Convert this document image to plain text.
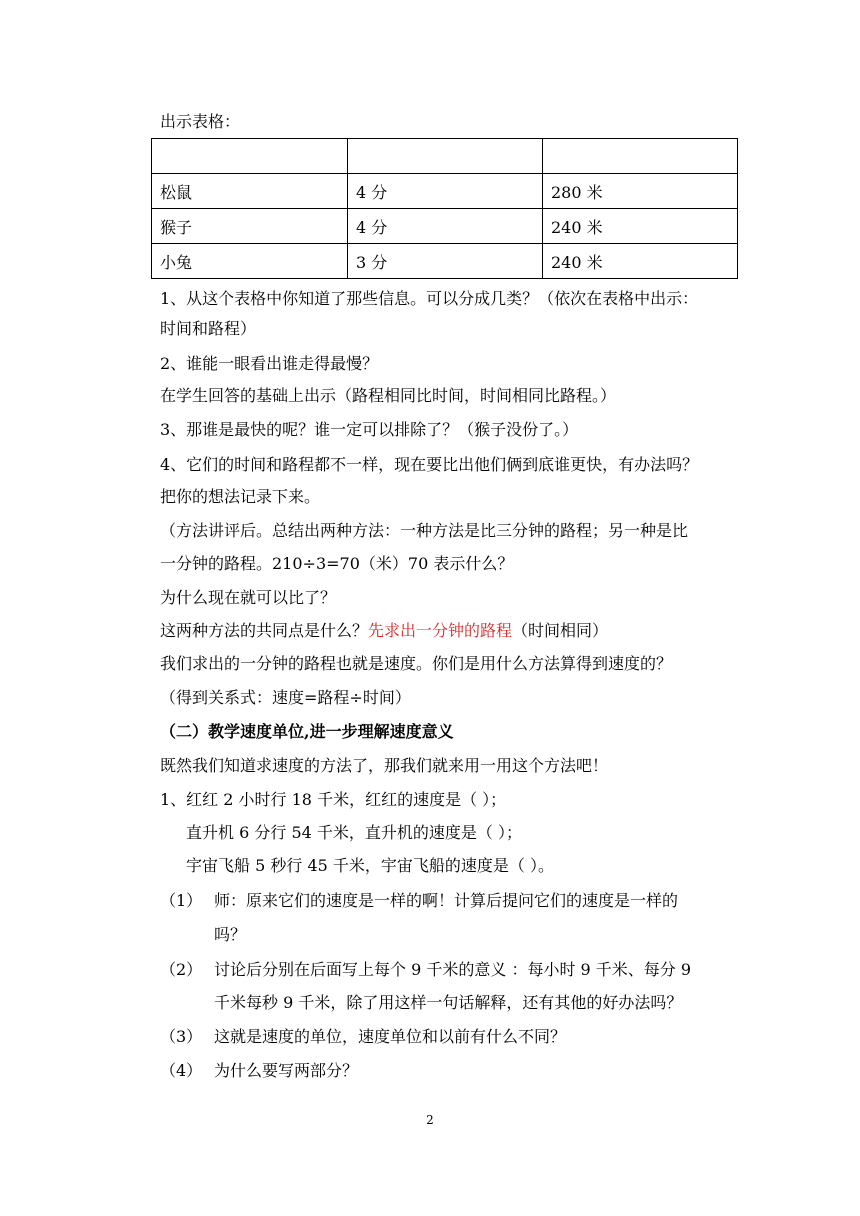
出示表格：

松鼠	4 分	280 米
猴子	4 分	240 米
小兔	3 分	240 米
1、从这个表格中你知道了那些信息。可以分成几类？（依次在表格中出示：
时间和路程）
2、谁能一眼看出谁走得最慢？
在学生回答的基础上出示（路程相同比时间，时间相同比路程。）
3、那谁是最快的呢？谁一定可以排除了？（猴子没份了。）
4、它们的时间和路程都不一样，现在要比出他们俩到底谁更快，有办法吗？
把你的想法记录下来。
（方法讲评后。总结出两种方法：一种方法是比三分钟的路程；另一种是比
一分钟的路程。210÷3=70（米）70 表示什么？
为什么现在就可以比了？
这两种方法的共同点是什么？先求出一分钟的路程（时间相同）
我们求出的一分钟的路程也就是速度。你们是用什么方法算得到速度的？
（得到关系式：速度=路程÷时间）
（二）教学速度单位,进一步理解速度意义
既然我们知道求速度的方法了，那我们就来用一用这个方法吧！
1、红红 2 小时行 18 千米，红红的速度是（ ）；
直升机 6 分行 54 千米，直升机的速度是（ ）；
宇宙飞船 5 秒行 45 千米，宇宙飞船的速度是（ ）。
（1） 师：原来它们的速度是一样的啊！计算后提问它们的速度是一样的
吗？
（2） 讨论后分别在后面写上每个 9 千米的意义 ：每小时 9 千米、每分 9
千米每秒 9 千米，除了用这样一句话解释，还有其他的好办法吗？
（3） 这就是速度的单位，速度单位和以前有什么不同？
（4） 为什么要写两部分？
2
